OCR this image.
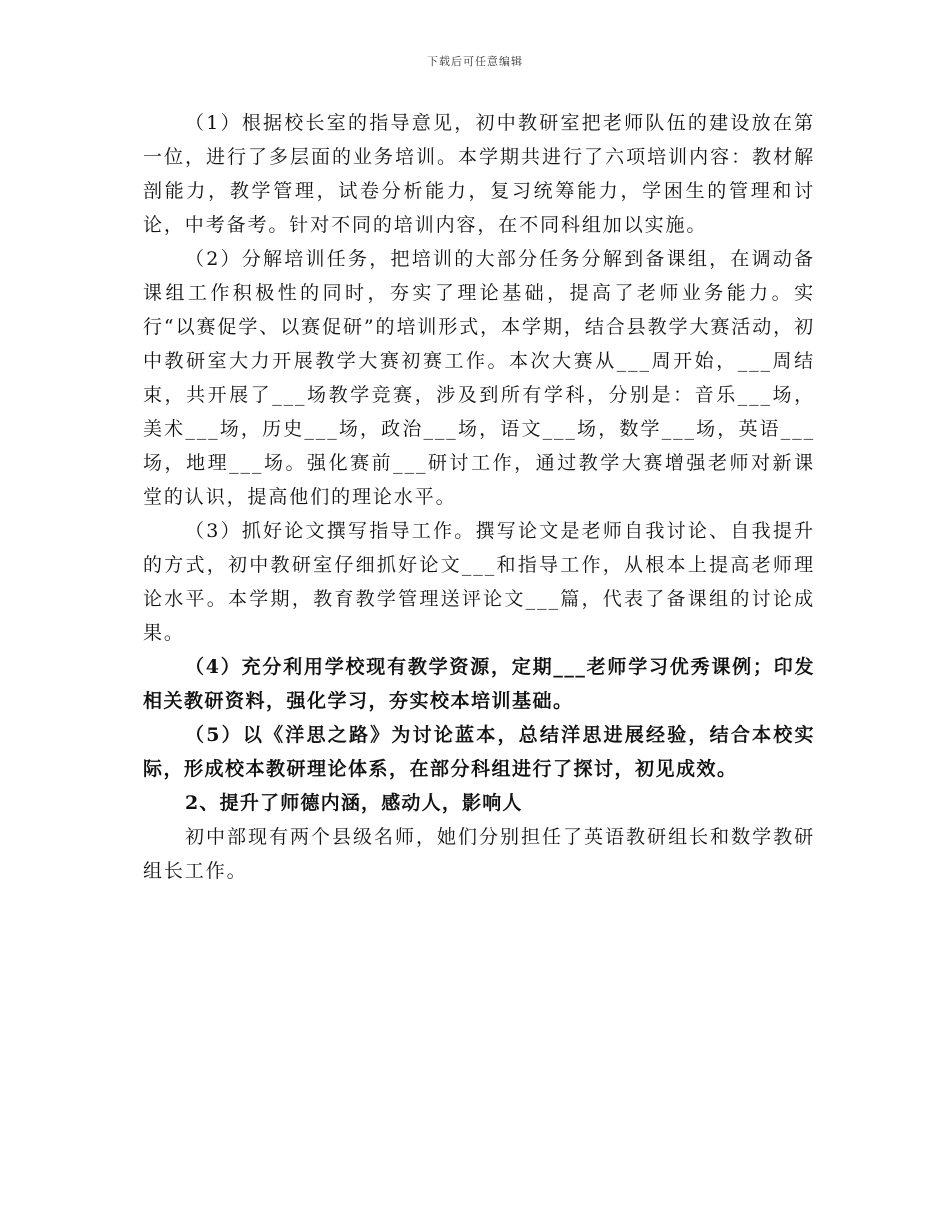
下载后可任意编辑

（1）根据校长室的指导意见，初中教研室把老师队伍的建设放在第一位，进行了多层面的业务培训。本学期共进行了六项培训内容：教材解剖能力，教学管理，试卷分析能力，复习统筹能力，学困生的管理和讨论，中考备考。针对不同的培训内容，在不同科组加以实施。

（2）分解培训任务，把培训的大部分任务分解到备课组，在调动备课组工作积极性的同时，夯实了理论基础，提高了老师业务能力。实行“以赛促学、以赛促研”的培训形式，本学期，结合县教学大赛活动，初中教研室大力开展教学大赛初赛工作。本次大赛从___周开始，___周结束，共开展了___场教学竞赛，涉及到所有学科，分别是：音乐___场，美术___场，历史___场，政治___场，语文___场，数学___场，英语___场，地理___场。强化赛前___研讨工作，通过教学大赛增强老师对新课堂的认识，提高他们的理论水平。

（3）抓好论文撰写指导工作。撰写论文是老师自我讨论、自我提升的方式，初中教研室仔细抓好论文___和指导工作，从根本上提高老师理论水平。本学期，教育教学管理送评论文___篇，代表了备课组的讨论成果。

（4）充分利用学校现有教学资源，定期___老师学习优秀课例；印发相关教研资料，强化学习，夯实校本培训基础。

（5）以《洋思之路》为讨论蓝本，总结洋思进展经验，结合本校实际，形成校本教研理论体系，在部分科组进行了探讨，初见成效。

2、提升了师德内涵，感动人，影响人

初中部现有两个县级名师，她们分别担任了英语教研组长和数学教研组长工作。
